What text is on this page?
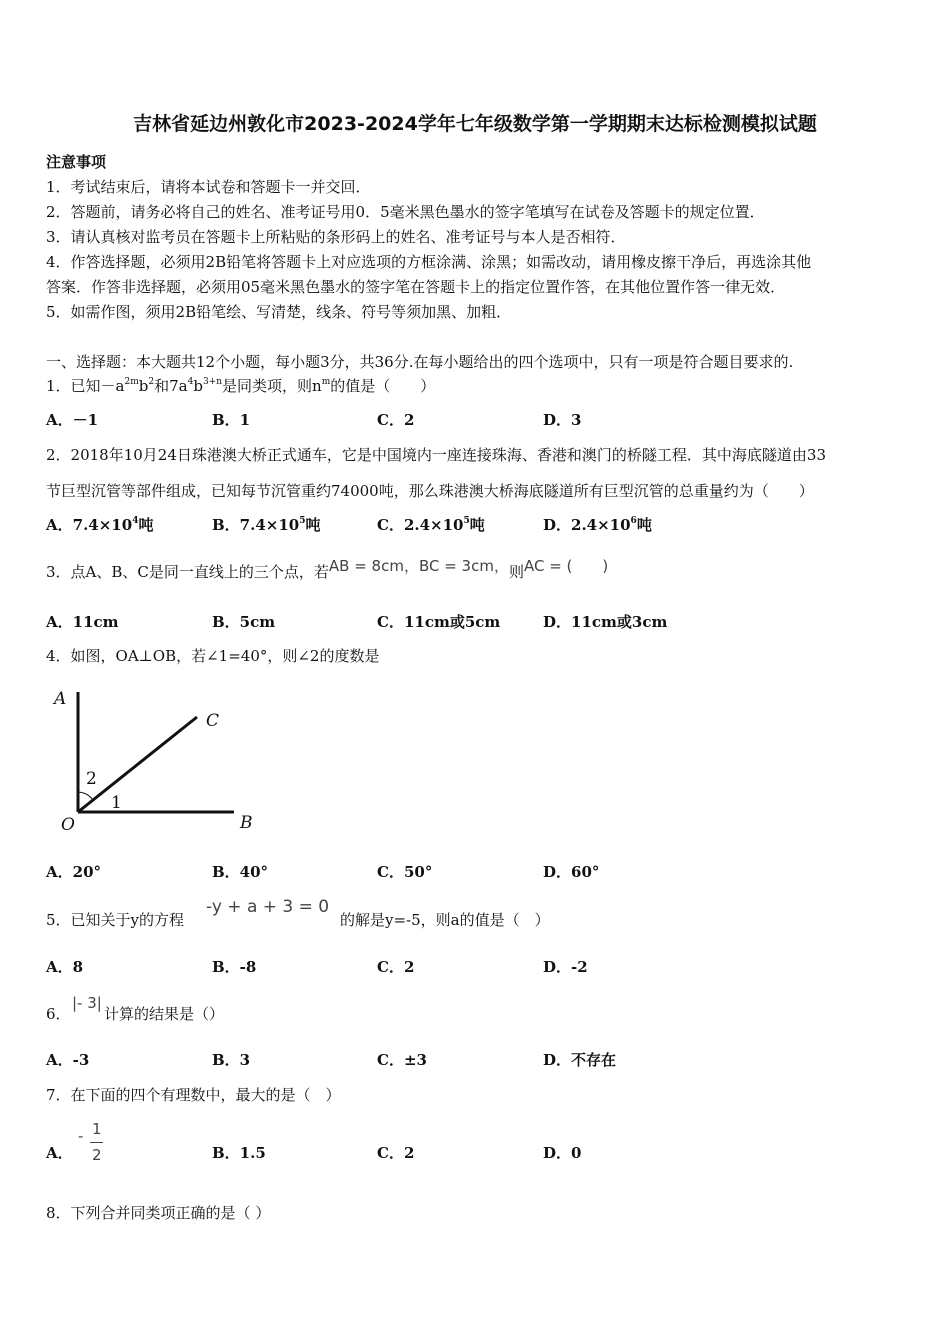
吉林省延边州敦化市2023-2024学年七年级数学第一学期期末达标检测模拟试题
注意事项
1．考试结束后，请将本试卷和答题卡一并交回．
2．答题前，请务必将自己的姓名、准考证号用0．5毫米黑色墨水的签字笔填写在试卷及答题卡的规定位置．
3．请认真核对监考员在答题卡上所粘贴的条形码上的姓名、准考证号与本人是否相符．
4．作答选择题，必须用2B铅笔将答题卡上对应选项的方框涂满、涂黑；如需改动，请用橡皮擦干净后，再选涂其他
答案．作答非选择题，必须用05毫米黑色墨水的签字笔在答题卡上的指定位置作答，在其他位置作答一律无效．
5．如需作图，须用2B铅笔绘、写清楚，线条、符号等须加黑、加粗．
一、选择题：本大题共12个小题，每小题3分，共36分.在每小题给出的四个选项中，只有一项是符合题目要求的.
1．已知$-a^{2m}b^2$和$7a^4b^{3+n}$是同类项，则$n^m$的值是（　　）
A．－1	B．1	C．2	D．3
2．2018年10月24日珠港澳大桥正式通车，它是中国境内一座连接珠海、香港和澳门的桥隧工程．其中海底隧道由33
节巨型沉管等部件组成，已知每节沉管重约74000吨，那么珠港澳大桥海底隧道所有巨型沉管的总重量约为（　　）
A．$7.4\times 10^4$吨	B．$7.4\times 10^5$吨	C．$2.4\times 10^5$吨	D．$2.4\times 10^6$吨
3．点A、B、C是同一直线上的三个点，若AB = 8cm，BC = 3cm，则AC = (　　)
A．11cm	B．5cm	C．11cm或5cm	D．11cm或3cm
4．如图，OA⊥OB，若∠1=40°，则∠2的度数是
A
C
B
O
2
1
A．20°	B．40°	C．50°	D．60°
5．已知关于y的方程
-y + a + 3 = 0
的解是y=-5，则a的值是（　）
A．8	B．-8	C．2	D．-2
6．
|- 3|
计算的结果是（）
A．-3	B．3	C．±3	D．不存在
7．在下面的四个有理数中，最大的是（　）
A．
- 1
2	B．1.5	C．2	D．0
8．下列合并同类项正确的是（ ）
